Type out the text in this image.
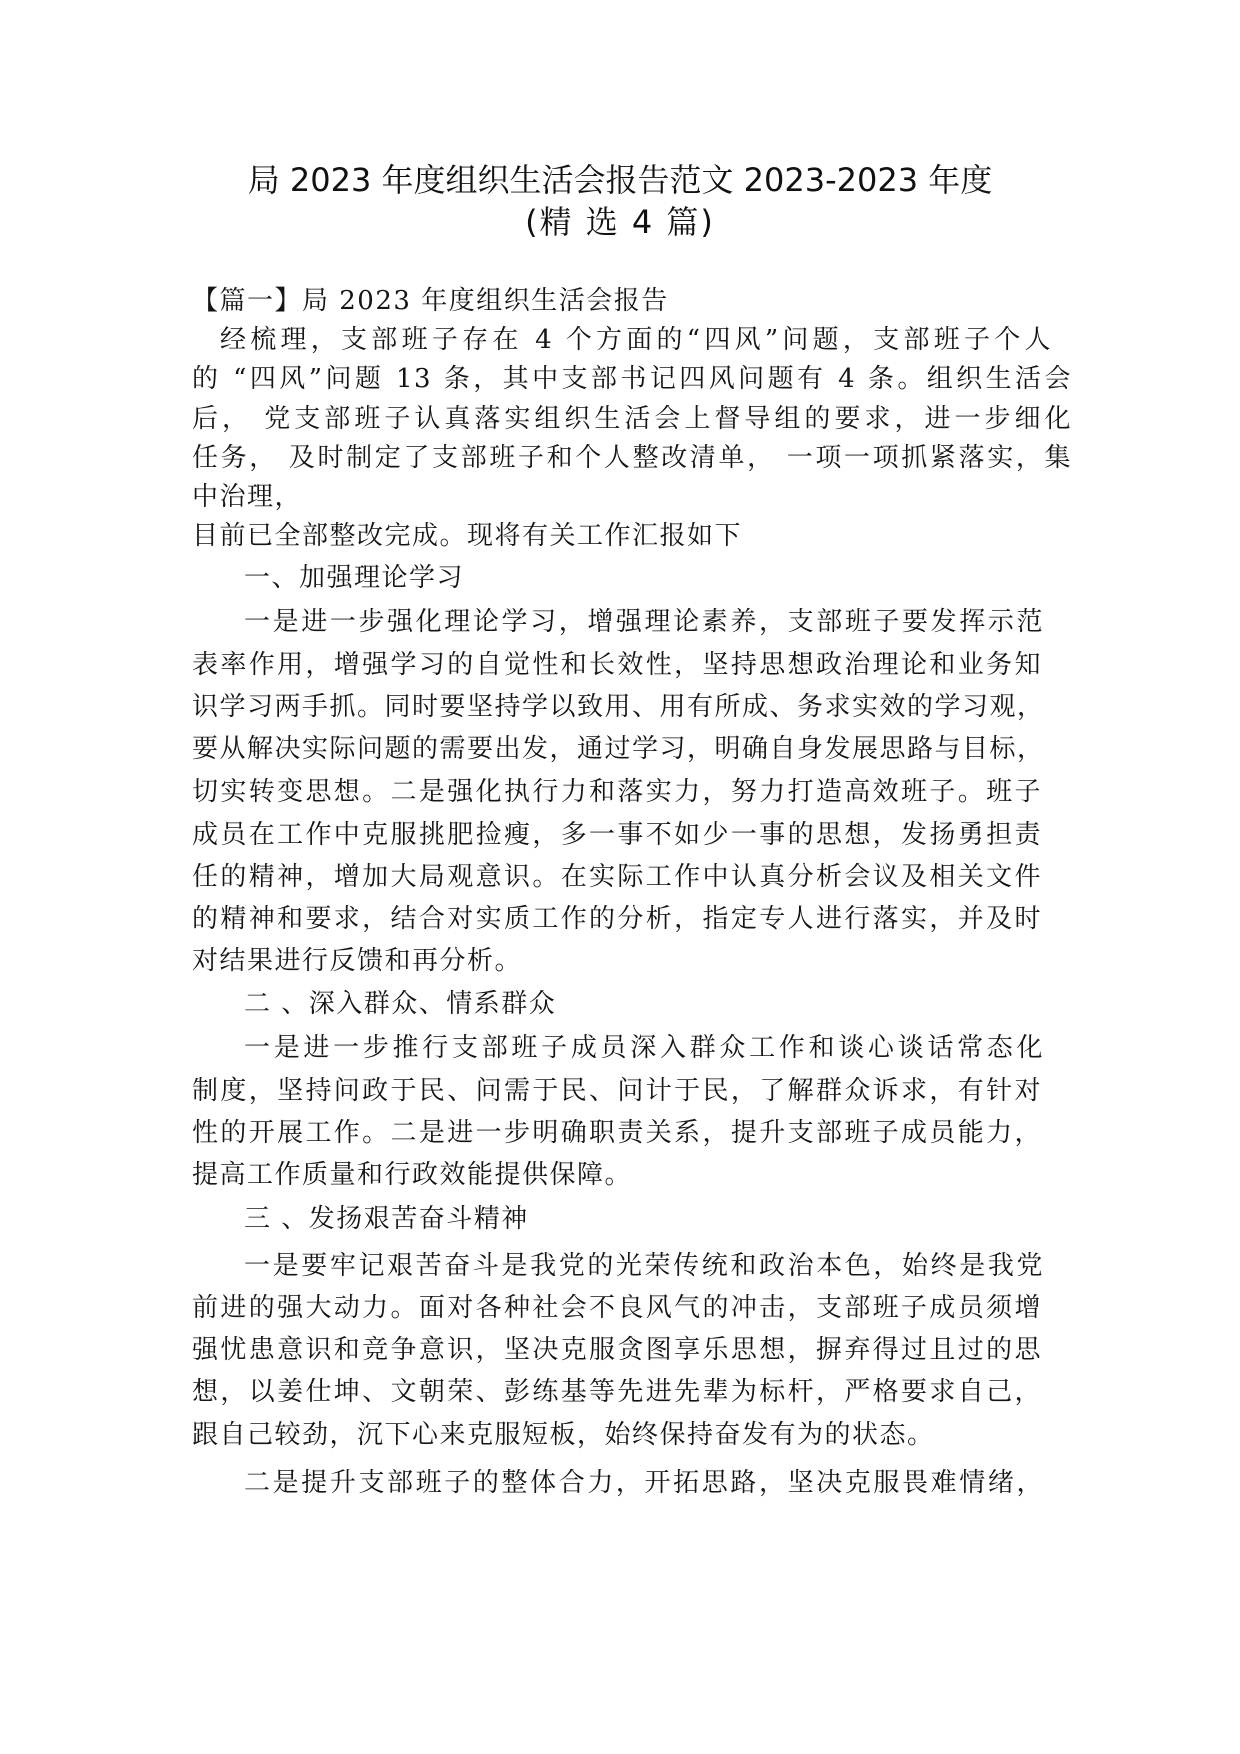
局 2023 年度组织生活会报告范文 2023-2023 年度
(精 选 4 篇)
【篇一】局 2023 年度组织生活会报告
经梳理，支部班子存在 4 个方面的“四风”问题，支部班子个人
的 “四风”问题 13 条，其中支部书记四风问题有 4 条。组织生活会
后， 党支部班子认真落实组织生活会上督导组的要求，进一步细化
任务， 及时制定了支部班子和个人整改清单， 一项一项抓紧落实，集
中治理，
目前已全部整改完成。现将有关工作汇报如下
一、加强理论学习
一是进一步强化理论学习，增强理论素养，支部班子要发挥示范
表率作用，增强学习的自觉性和长效性，坚持思想政治理论和业务知
识学习两手抓。同时要坚持学以致用、用有所成、务求实效的学习观，
要从解决实际问题的需要出发，通过学习，明确自身发展思路与目标，
切实转变思想。二是强化执行力和落实力，努力打造高效班子。班子
成员在工作中克服挑肥捡瘦，多一事不如少一事的思想，发扬勇担责
任的精神，增加大局观意识。在实际工作中认真分析会议及相关文件
的精神和要求，结合对实质工作的分析，指定专人进行落实，并及时
对结果进行反馈和再分析。
二 、深入群众、情系群众
一是进一步推行支部班子成员深入群众工作和谈心谈话常态化
制度，坚持问政于民、问需于民、问计于民，了解群众诉求，有针对
性的开展工作。二是进一步明确职责关系，提升支部班子成员能力，
提高工作质量和行政效能提供保障。
三 、发扬艰苦奋斗精神
一是要牢记艰苦奋斗是我党的光荣传统和政治本色，始终是我党
前进的强大动力。面对各种社会不良风气的冲击，支部班子成员须增
强忧患意识和竞争意识，坚决克服贪图享乐思想，摒弃得过且过的思
想，以姜仕坤、文朝荣、彭练基等先进先辈为标杆，严格要求自己，
跟自己较劲，沉下心来克服短板，始终保持奋发有为的状态。
二是提升支部班子的整体合力，开拓思路，坚决克服畏难情绪，
